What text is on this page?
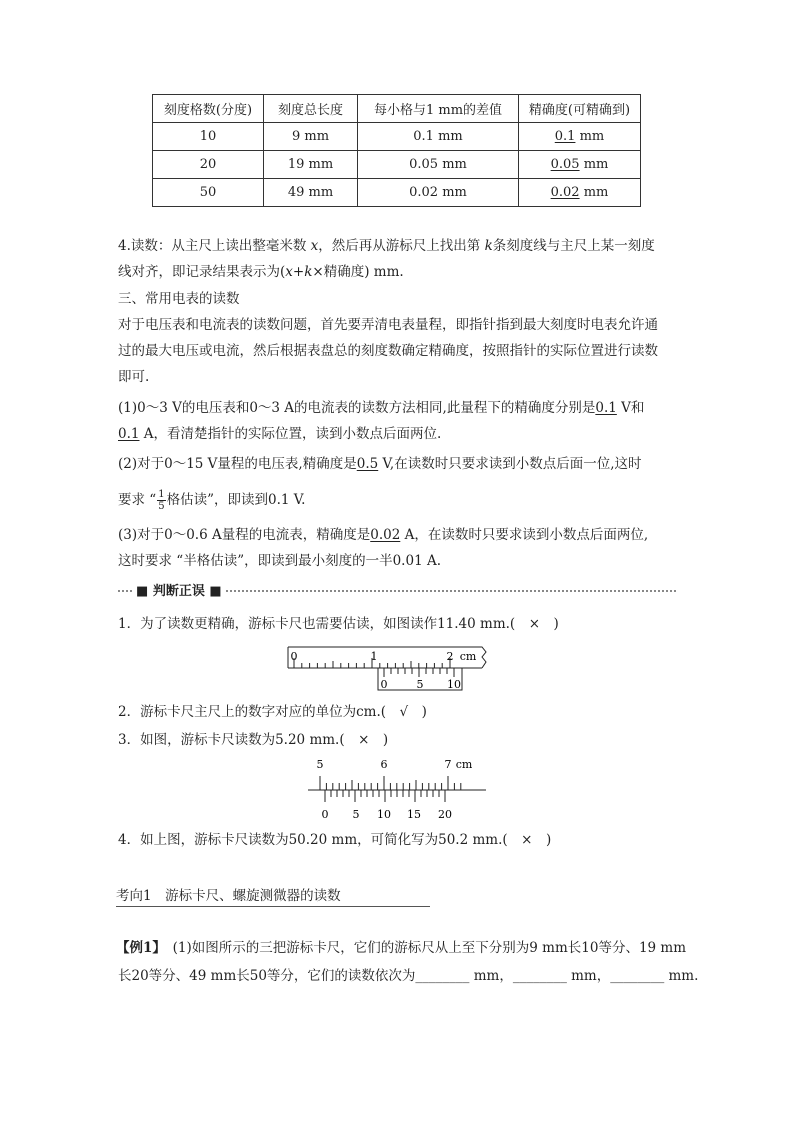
刻度格数(分度)	刻度总长度	每小格与1 mm的差值	精确度(可精确到)
10	9 mm	0.1 mm	0.1 mm
20	19 mm	0.05 mm	0.05 mm
50	49 mm	0.02 mm	0.02 mm
4.读数：从主尺上读出整毫米数 x，然后再从游标尺上找出第 k条刻度线与主尺上某一刻度
线对齐，即记录结果表示为(x+k×精确度) mm.
三、常用电表的读数
对于电压表和电流表的读数问题，首先要弄清电表量程，即指针指到最大刻度时电表允许通
过的最大电压或电流，然后根据表盘总的刻度数确定精确度，按照指针的实际位置进行读数
即可.
(1)0～3 V的电压表和0～3 A的电流表的读数方法相同,此量程下的精确度分别是0.1 V和
0.1 A，看清楚指针的实际位置，读到小数点后面两位.
(2)对于0～15 V量程的电压表,精确度是0.5 V,在读数时只要求读到小数点后面一位,这时
要求 “ $\frac{1}{5}$ 格估读”，即读到0.1 V.
(3)对于0～0.6 A量程的电流表，精确度是0.02 A，在读数时只要求读到小数点后面两位,
这时要求 “半格估读”，即读到最小刻度的一半0.01 A.
■ 判断正误 ■
1．为了读数更精确，游标卡尺也需要估读，如图读作11.40 mm.(　×　)
0	1	2 cm
0	5 10
2．游标卡尺主尺上的数字对应的单位为cm.(　√　)
3．如图，游标卡尺读数为5.20 mm.(　×　)
5	6	7 cm
0 5 10 15 20
4．如上图，游标卡尺读数为50.20 mm，可简化写为50.2 mm.(　×　)
考向1　游标卡尺、螺旋测微器的读数
【例1】　(1)如图所示的三把游标卡尺，它们的游标尺从上至下分别为9 mm长10等分、19 mm
长20等分、49 mm长50等分，它们的读数依次为________ mm，________ mm，________ mm.
